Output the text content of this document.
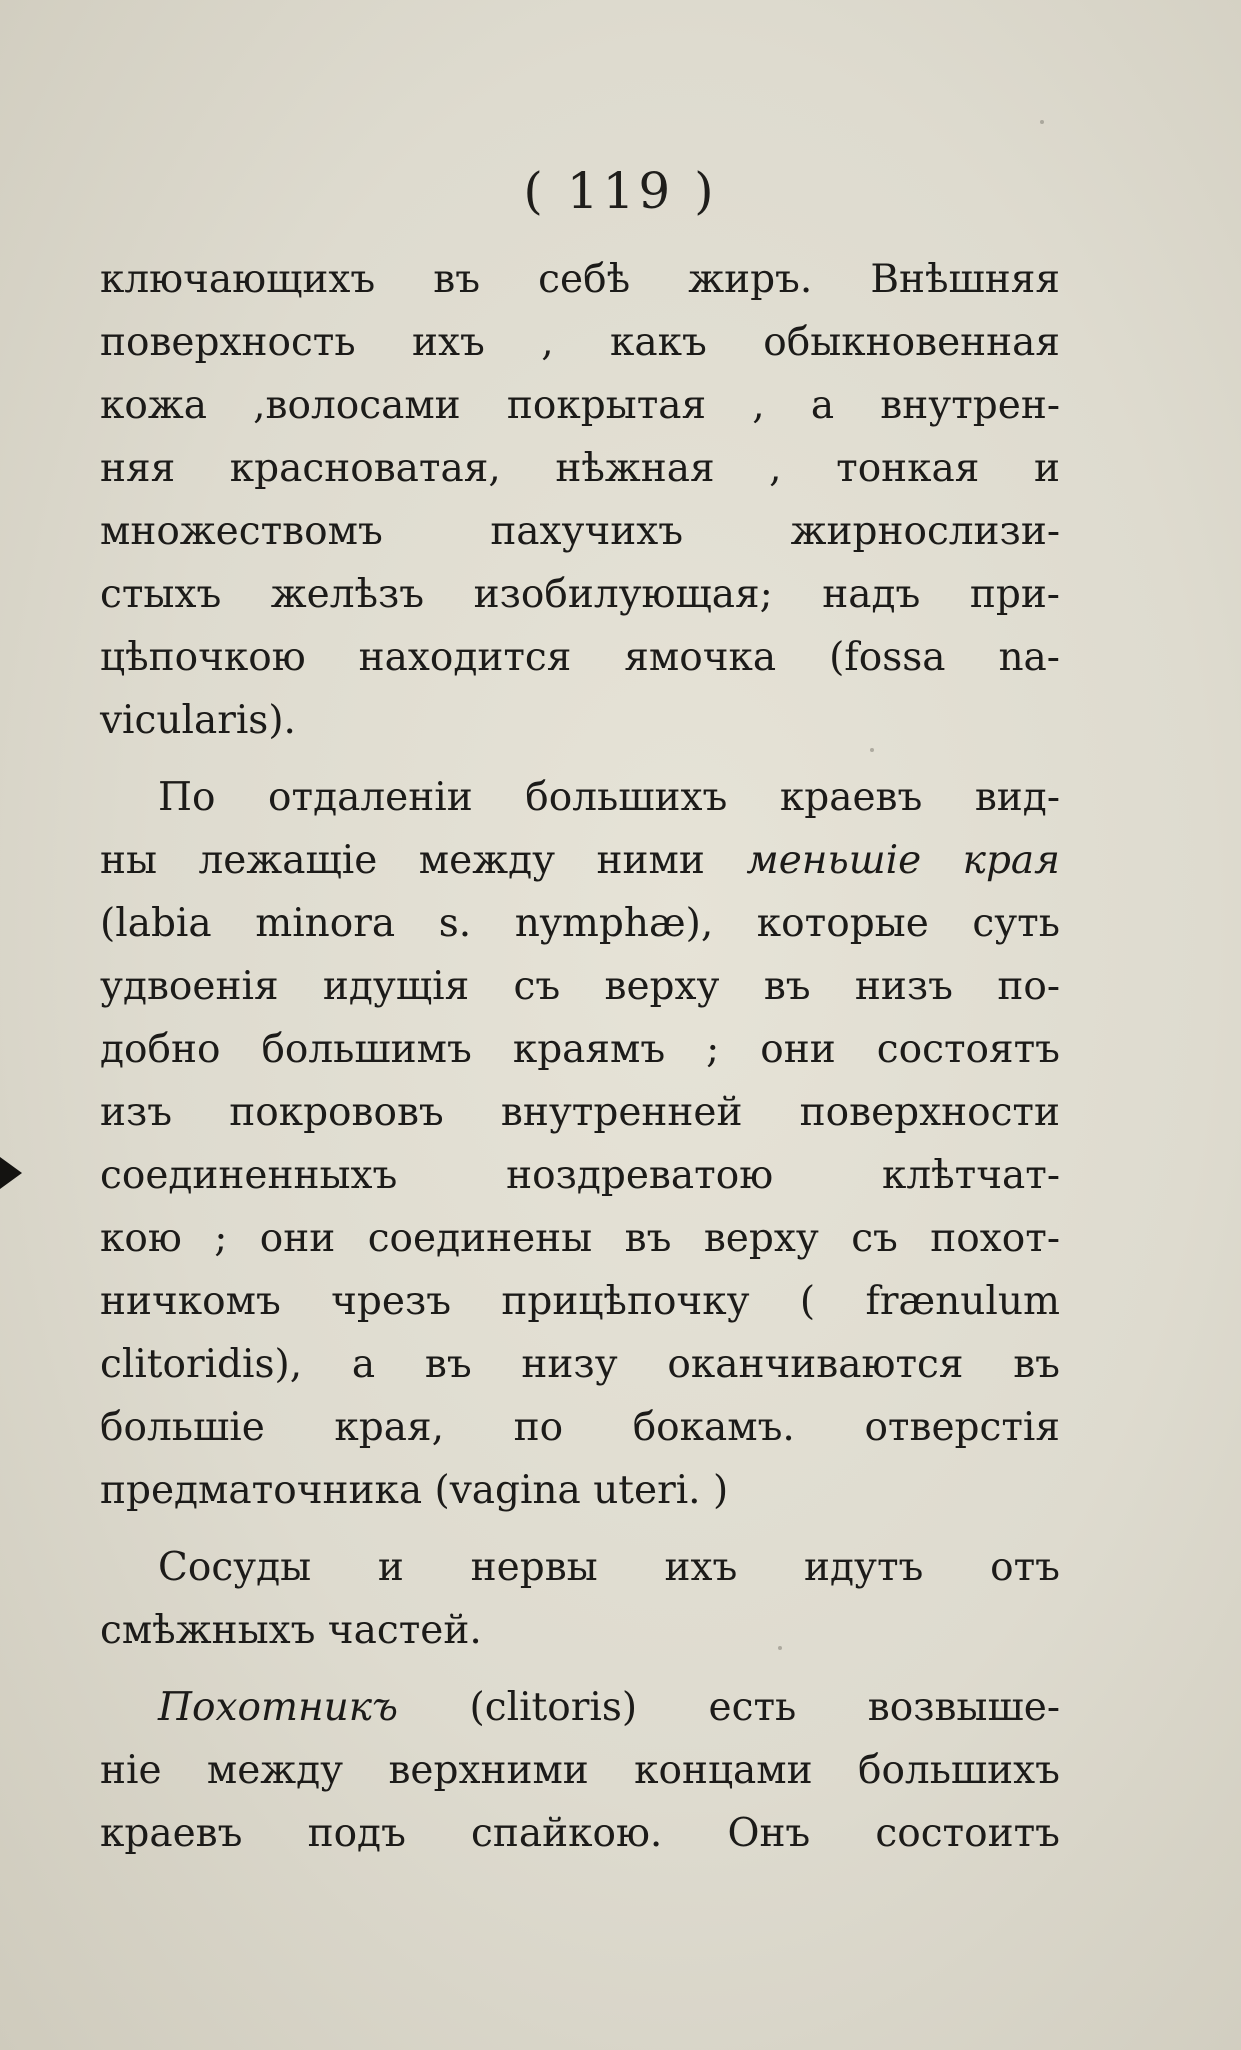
( 119 )
ключающихъ въ себѣ жиръ. Внѣшняя
поверхность ихъ , какъ обыкновенная
кожа ,волосами покрытая , а внутрен-
няя красноватая, нѣжная , тонкая и
множествомъ пахучихъ жирнослизи-
стыхъ желѣзъ изобилующая; надъ при-
цѣпочкою находится ямочка (fossa na-
vicularis).
По отдаленіи большихъ краевъ вид-
ны лежащіе между ними меньшіе края
(labia minora s. nymphæ), которые суть
удвоенія идущія съ верху въ низъ по-
добно большимъ краямъ ; они состоятъ
изъ покрововъ внутренней поверхности
соединенныхъ ноздреватою клѣтчат-
кою ; они соединены въ верху съ похот-
ничкомъ чрезъ прицѣпочку ( frænulum
clitoridis), а въ низу оканчиваются въ
большіе края, по бокамъ. отверстія
предматочника (vagina uteri. )
Сосуды и нервы ихъ идутъ отъ
смѣжныхъ частей.
Похотникъ (clitoris) есть возвыше-
ніе между верхними концами большихъ
краевъ подъ спайкою. Онъ состоитъ
